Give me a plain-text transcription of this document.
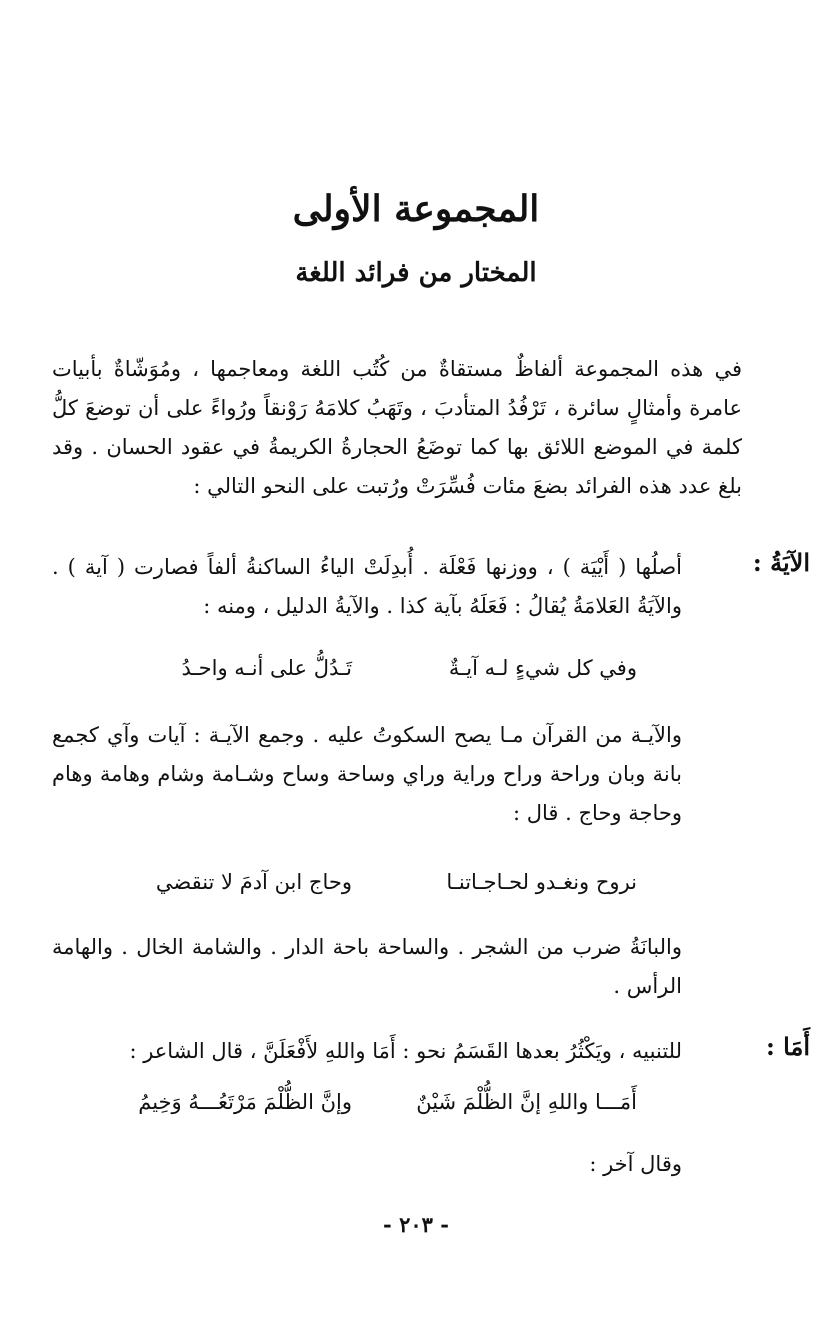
المجموعة الأولى
المختار من فرائد اللغة

في هذه المجموعة ألفاظٌ مستقاةٌ من كُتُب اللغة ومعاجمها ، ومُوَشّاةٌ بأبيات عامرة وأمثالٍ سائرة ، تَرْفُدُ المتأدبَ ، وتَهَبُ كلامَهُ رَوْنقاً ورُواءً على أن توضعَ كلُّ كلمة في الموضع اللائق بها كما توضَعُ الحجارةُ الكريمةُ في عقود الحسان . وقد بلغ عدد هذه الفرائد بضعَ مئات فُسِّرَتْ ورُتبت على النحو التالي :

الآيَةُ :

أصلُها ( أَيْيَة ) ، ووزنها فَعْلَة . أُبدِلَتْ الياءُ الساكنةُ ألفاً فصارت ( آية ) . والآيَةُ العَلامَةُ يُقالُ : فَعَلَهُ بآية كذا . والآيةُ الدليل ، ومنه :

وفي كل شيءٍ لـه آيـةٌ
تَـدُلُّ على أنـه واحـدُ

والآيـة من القرآن مـا يصح السكوتُ عليه . وجمع الآيـة : آيات وآي كجمع بانة وبان وراحة وراح وراية وراي وساحة وساح وشـامة وشام وهامة وهام وحاجة وحاج . قال :

نروح ونغـدو لحـاجـاتنـا
وحاج ابن آدمَ لا تنقضي

والبانَةُ ضرب من الشجر . والساحة باحة الدار . والشامة الخال . والهامة الرأس .

أَمَا :

للتنبيه ، ويَكْثُرُ بعدها القَسَمُ نحو : أَمَا واللهِ لأَفْعَلَنَّ ، قال الشاعر :

أَمَـــا واللهِ إنَّ الظُّلْمَ شَيْنٌ
وإنَّ الظُّلْمَ مَرْتَعُـــهُ وَخِيمُ

وقال آخر :

- ٢٠٣ -
